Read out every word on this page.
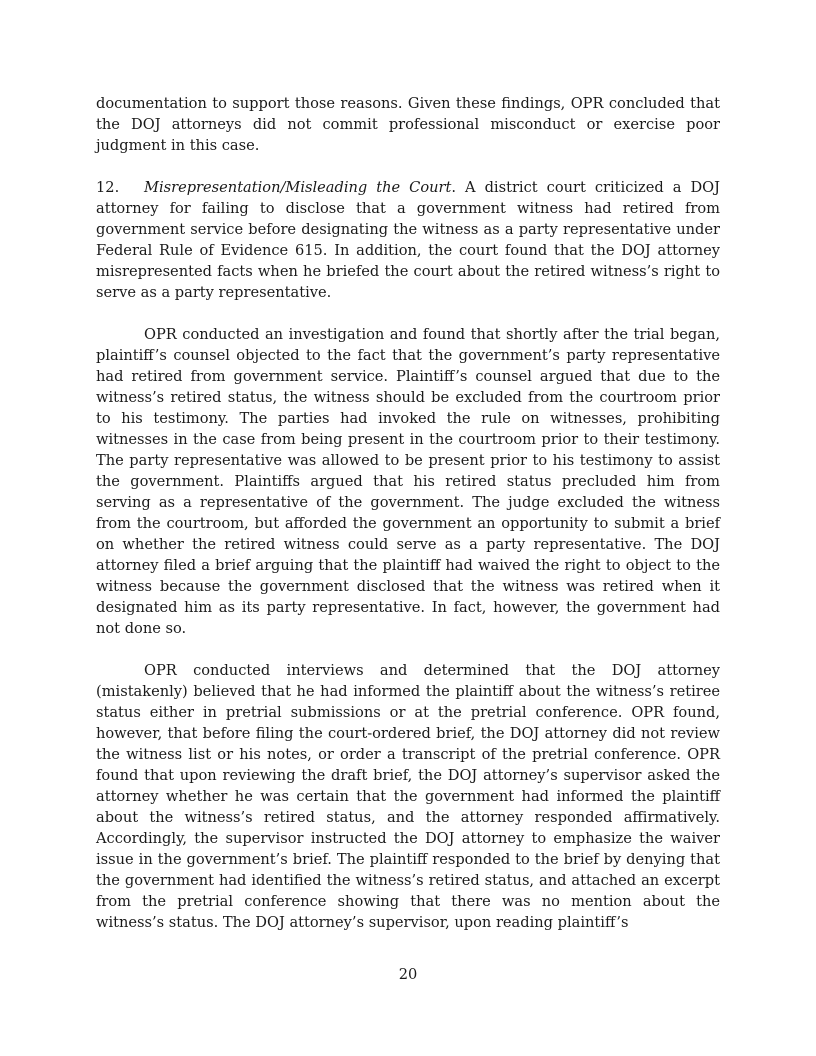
documentation to support those reasons. Given these findings, OPR concluded that the DOJ attorneys did not commit professional misconduct or exercise poor judgment in this case.

12. Misrepresentation/Misleading the Court. A district court criticized a DOJ attorney for failing to disclose that a government witness had retired from government service before designating the witness as a party representative under Federal Rule of Evidence 615. In addition, the court found that the DOJ attorney misrepresented facts when he briefed the court about the retired witness’s right to serve as a party representative.

OPR conducted an investigation and found that shortly after the trial began, plaintiff’s counsel objected to the fact that the government’s party representative had retired from government service. Plaintiff’s counsel argued that due to the witness’s retired status, the witness should be excluded from the courtroom prior to his testimony. The parties had invoked the rule on witnesses, prohibiting witnesses in the case from being present in the courtroom prior to their testimony. The party representative was allowed to be present prior to his testimony to assist the government. Plaintiffs argued that his retired status precluded him from serving as a representative of the government. The judge excluded the witness from the courtroom, but afforded the government an opportunity to submit a brief on whether the retired witness could serve as a party representative. The DOJ attorney filed a brief arguing that the plaintiff had waived the right to object to the witness because the government disclosed that the witness was retired when it designated him as its party representative. In fact, however, the government had not done so.

OPR conducted interviews and determined that the DOJ attorney (mistakenly) believed that he had informed the plaintiff about the witness’s retiree status either in pretrial submissions or at the pretrial conference. OPR found, however, that before filing the court-ordered brief, the DOJ attorney did not review the witness list or his notes, or order a transcript of the pretrial conference. OPR found that upon reviewing the draft brief, the DOJ attorney’s supervisor asked the attorney whether he was certain that the government had informed the plaintiff about the witness’s retired status, and the attorney responded affirmatively. Accordingly, the supervisor instructed the DOJ attorney to emphasize the waiver issue in the government’s brief. The plaintiff responded to the brief by denying that the government had identified the witness’s retired status, and attached an excerpt from the pretrial conference showing that there was no mention about the witness’s status. The DOJ attorney’s supervisor, upon reading plaintiff’s

20
